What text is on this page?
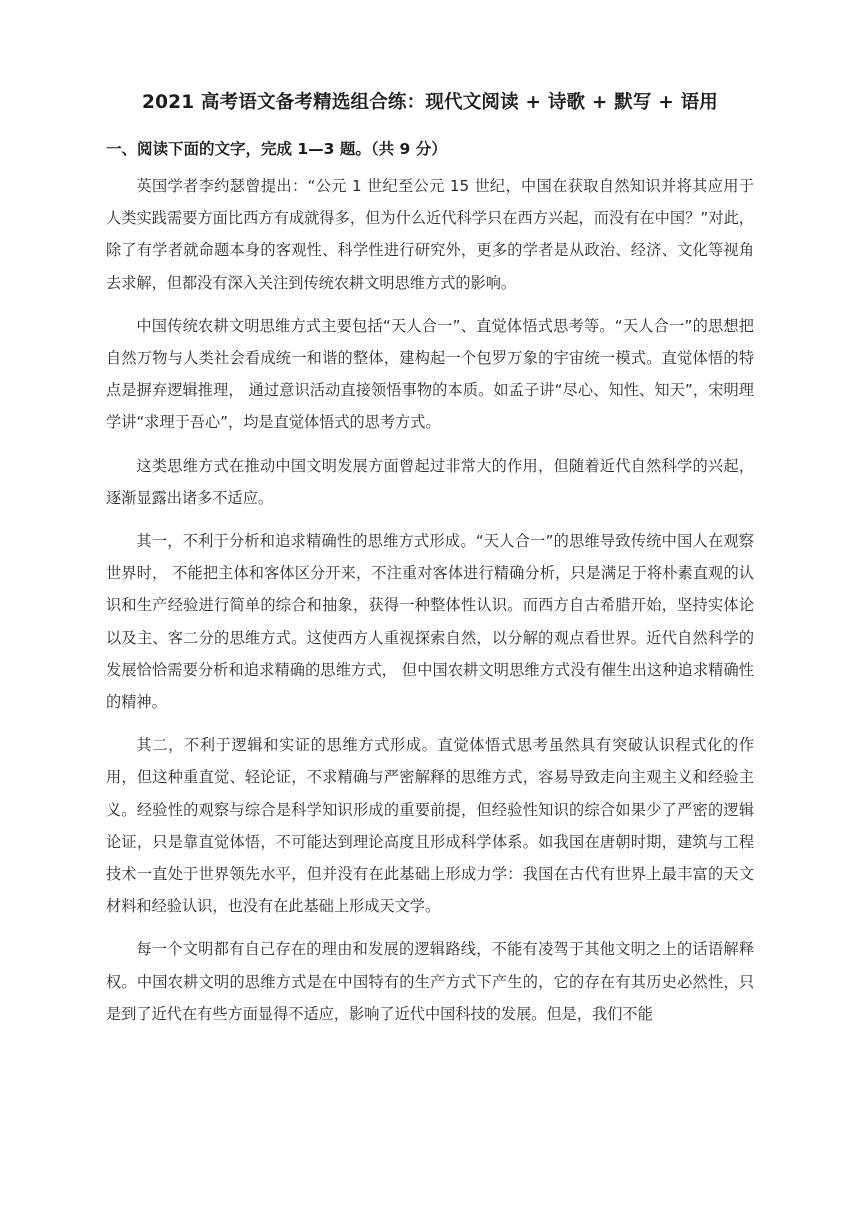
2021 高考语文备考精选组合练：现代文阅读 + 诗歌 + 默写 + 语用
一、阅读下面的文字，完成 1—3 题。（共 9 分）

英国学者李约瑟曾提出：“公元 1 世纪至公元 15 世纪，中国在获取自然知识并将其应用于人类实践需要方面比西方有成就得多，但为什么近代科学只在西方兴起，而没有在中国？”对此，除了有学者就命题本身的客观性、科学性进行研究外，更多的学者是从政治、经济、文化等视角去求解，但都没有深入关注到传统农耕文明思维方式的影响。

中国传统农耕文明思维方式主要包括“天人合一”、直觉体悟式思考等。“天人合一”的思想把自然万物与人类社会看成统一和谐的整体，建构起一个包罗万象的宇宙统一模式。直觉体悟的特点是摒弃逻辑推理， 通过意识活动直接领悟事物的本质。如孟子讲“尽心、知性、知天”，宋明理学讲“求理于吾心”，均是直觉体悟式的思考方式。

这类思维方式在推动中国文明发展方面曾起过非常大的作用，但随着近代自然科学的兴起，逐渐显露出诸多不适应。

其一，不利于分析和追求精确性的思维方式形成。“天人合一”的思维导致传统中国人在观察世界时， 不能把主体和客体区分开来，不注重对客体进行精确分析，只是满足于将朴素直观的认识和生产经验进行简单的综合和抽象，获得一种整体性认识。而西方自古希腊开始，坚持实体论以及主、客二分的思维方式。这使西方人重视探索自然，以分解的观点看世界。近代自然科学的发展恰恰需要分析和追求精确的思维方式， 但中国农耕文明思维方式没有催生出这种追求精确性的精神。

其二，不利于逻辑和实证的思维方式形成。直觉体悟式思考虽然具有突破认识程式化的作用，但这种重直觉、轻论证，不求精确与严密解释的思维方式，容易导致走向主观主义和经验主义。经验性的观察与综合是科学知识形成的重要前提，但经验性知识的综合如果少了严密的逻辑论证，只是靠直觉体悟，不可能达到理论高度且形成科学体系。如我国在唐朝时期，建筑与工程技术一直处于世界领先水平，但并没有在此基础上形成力学：我国在古代有世界上最丰富的天文材料和经验认识，也没有在此基础上形成天文学。

每一个文明都有自己存在的理由和发展的逻辑路线，不能有凌驾于其他文明之上的话语解释权。中国农耕文明的思维方式是在中国特有的生产方式下产生的，它的存在有其历史必然性，只是到了近代在有些方面显得不适应，影响了近代中国科技的发展。但是，我们不能
